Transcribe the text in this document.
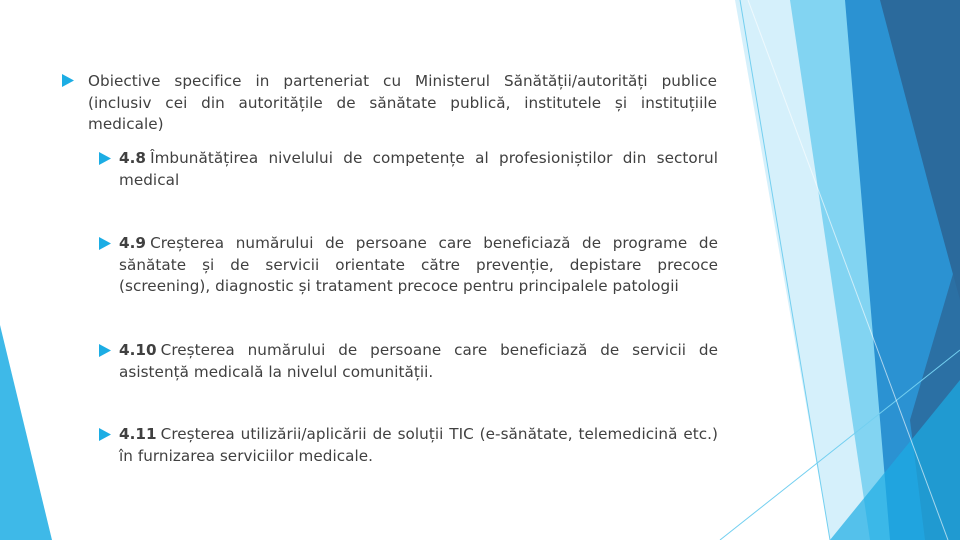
Obiective specifice in parteneriat cu Ministerul Sănătății/autorități publice (inclusiv cei din autoritățile de sănătate publică, institutele și instituțiile medicale)
4.8 Îmbunătățirea nivelului de competențe al profesioniștilor din sectorul medical
4.9 Creșterea numărului de persoane care beneficiază de programe de sănătate și de servicii orientate către prevenție, depistare precoce (screening), diagnostic și tratament precoce pentru principalele patologii
4.10 Creșterea numărului de persoane care beneficiază de servicii de asistență medicală la nivelul comunității.
4.11 Creșterea utilizării/aplicării de soluții TIC (e-sănătate, telemedicină etc.) în furnizarea serviciilor medicale.
